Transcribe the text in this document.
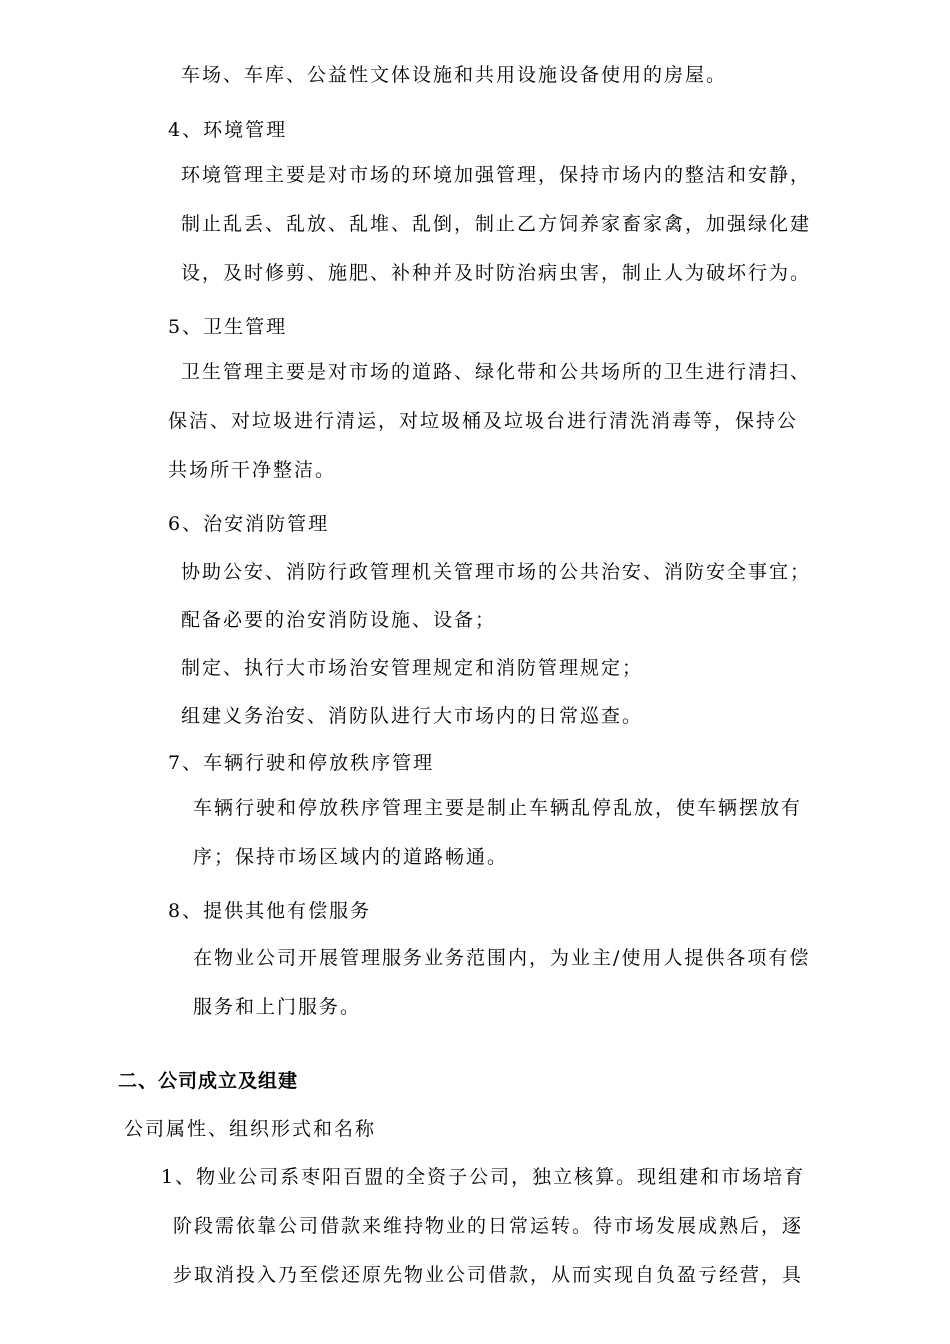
车场、车库、公益性文体设施和共用设施设备使用的房屋。
4、环境管理
环境管理主要是对市场的环境加强管理，保持市场内的整洁和安静，
制止乱丢、乱放、乱堆、乱倒，制止乙方饲养家畜家禽，加强绿化建
设，及时修剪、施肥、补种并及时防治病虫害，制止人为破坏行为。
5、卫生管理
卫生管理主要是对市场的道路、绿化带和公共场所的卫生进行清扫、
保洁、对垃圾进行清运，对垃圾桶及垃圾台进行清洗消毒等，保持公
共场所干净整洁。
6、治安消防管理
协助公安、消防行政管理机关管理市场的公共治安、消防安全事宜；
配备必要的治安消防设施、设备；
制定、执行大市场治安管理规定和消防管理规定；
组建义务治安、消防队进行大市场内的日常巡查。
7、车辆行驶和停放秩序管理
车辆行驶和停放秩序管理主要是制止车辆乱停乱放，使车辆摆放有
序；保持市场区域内的道路畅通。
8、提供其他有偿服务
在物业公司开展管理服务业务范围内，为业主/使用人提供各项有偿
服务和上门服务。
二、公司成立及组建
公司属性、组织形式和名称
1、物业公司系枣阳百盟的全资子公司，独立核算。现组建和市场培育
阶段需依靠公司借款来维持物业的日常运转。待市场发展成熟后，逐
步取消投入乃至偿还原先物业公司借款，从而实现自负盈亏经营，具
